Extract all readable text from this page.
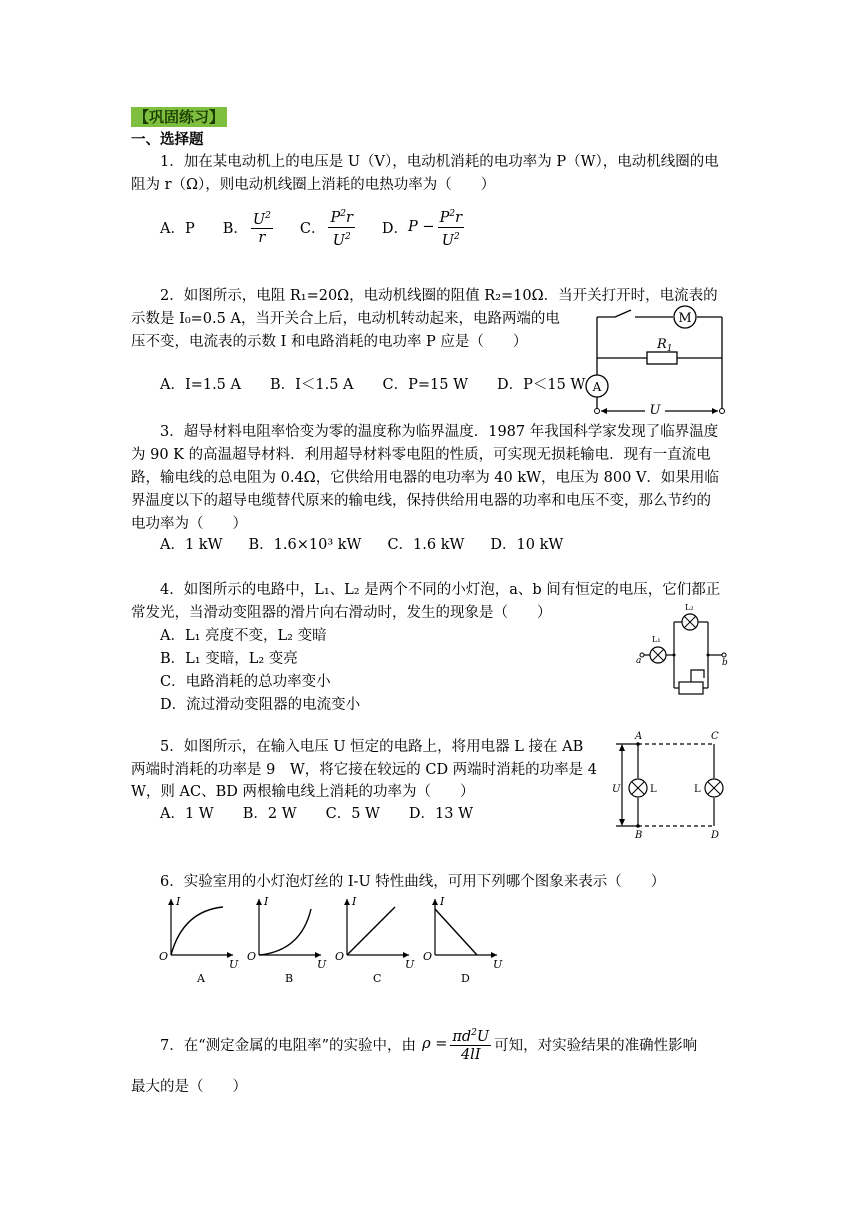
【巩固练习】
一、选择题
1．加在某电动机上的电压是 U（V），电动机消耗的电功率为 P（W），电动机线圈的电
阻为 r（Ω），则电动机线圈上消耗的电热功率为（　　）
A．P B． $\frac{U^2}{r}$ C． $\frac{P^2r}{U^2}$ D． $P - \frac{P^2r}{U^2}$
2．如图所示，电阻 R₁=20Ω，电动机线圈的阻值 R₂=10Ω．当开关打开时，电流表的
示数是 I₀=0.5 A，当开关合上后，电动机转动起来，电路两端的电
压不变，电流表的示数 I 和电路消耗的电功率 P 应是（　　）
A．I=1.5 A　　B．I＜1.5 A　　C．P=15 W　　D．P＜15 W
M
A
U
$R_1$
3．超导材料电阻率恰变为零的温度称为临界温度．1987 年我国科学家发现了临界温度
为 90 K 的高温超导材料．利用超导材料零电阻的性质，可实现无损耗输电．现有一直流电
路，输电线的总电阻为 0.4Ω，它供给用电器的电功率为 40 kW，电压为 800 V．如果用临
界温度以下的超导电缆替代原来的输电线，保持供给用电器的功率和电压不变，那么节约的
电功率为（　　）
A．1 kW B．1.6×10³ kW C．1.6 kW D．10 kW
4．如图所示的电路中，L₁、L₂ 是两个不同的小灯泡，a、b 间有恒定的电压，它们都正
常发光，当滑动变阻器的滑片向右滑动时，发生的现象是（　　）
A．L₁ 亮度不变，L₂ 变暗
B．L₁ 变暗，L₂ 变亮
C．电路消耗的总功率变小
D．流过滑动变阻器的电流变小
a	b
L₁
L₂
5．如图所示，在输入电压 U 恒定的电路上，将用电器 L 接在 AB
两端时消耗的功率是 9　W，将它接在较远的 CD 两端时消耗的功率是 4
W，则 AC、BD 两根输电线上消耗的功率为（　　）
A．1 W　　B．2 W　　C．5 W　　D．13 W
A	C
B	D
U	L	L
6．实验室用的小灯泡灯丝的 I-U 特性曲线，可用下列哪个图象来表示（　　）
I
U
O
A
I
U
O
B
I
U
O
C
I
U
O
D
7．在“测定金属的电阻率”的实验中，由 $\rho = \frac{\pi d^2U}{4lI}$ 可知，对实验结果的准确性影响
最大的是（　　）
